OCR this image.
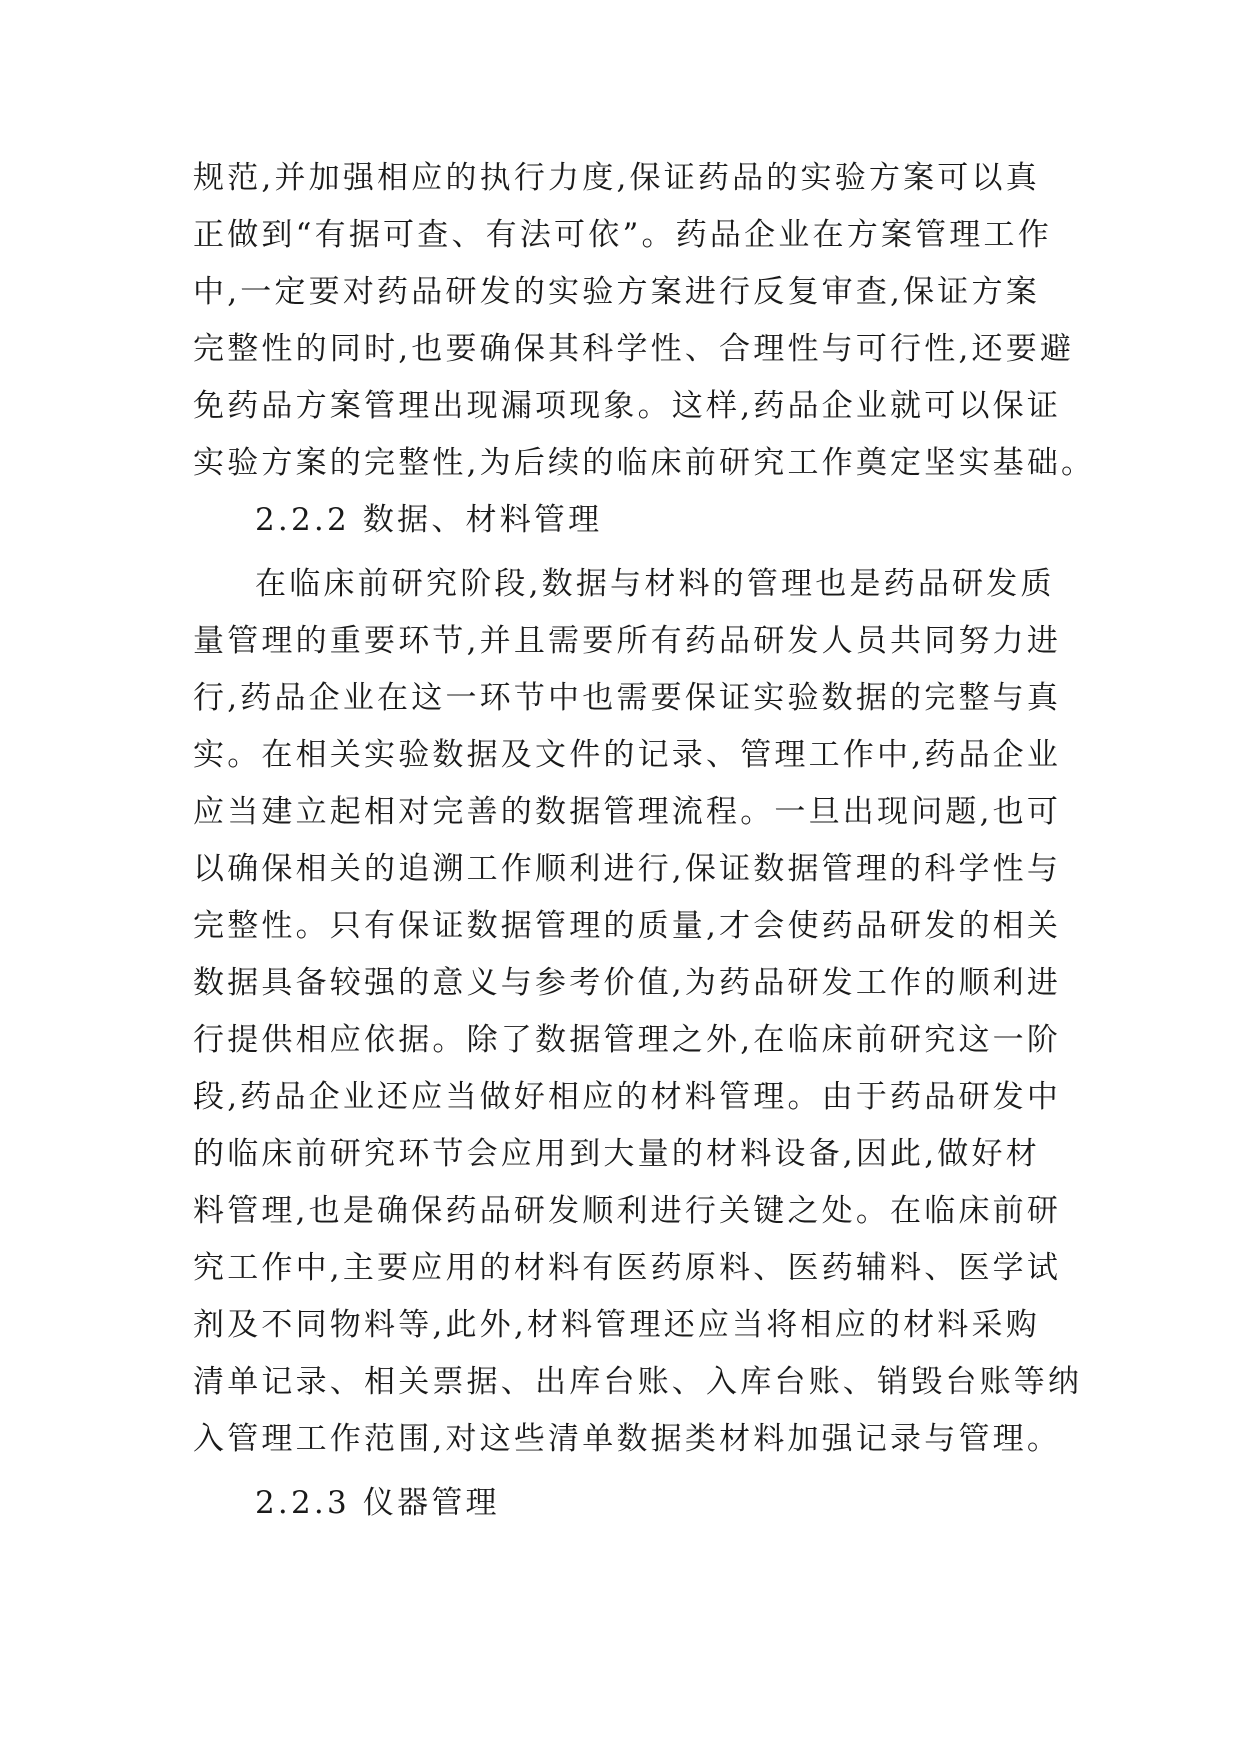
规范,并加强相应的执行力度,保证药品的实验方案可以真
正做到“有据可查、有法可依”。药品企业在方案管理工作
中,一定要对药品研发的实验方案进行反复审查,保证方案
完整性的同时,也要确保其科学性、合理性与可行性,还要避
免药品方案管理出现漏项现象。这样,药品企业就可以保证
实验方案的完整性,为后续的临床前研究工作奠定坚实基础。
2.2.2 数据、材料管理
在临床前研究阶段,数据与材料的管理也是药品研发质
量管理的重要环节,并且需要所有药品研发人员共同努力进
行,药品企业在这一环节中也需要保证实验数据的完整与真
实。在相关实验数据及文件的记录、管理工作中,药品企业
应当建立起相对完善的数据管理流程。一旦出现问题,也可
以确保相关的追溯工作顺利进行,保证数据管理的科学性与
完整性。只有保证数据管理的质量,才会使药品研发的相关
数据具备较强的意义与参考价值,为药品研发工作的顺利进
行提供相应依据。除了数据管理之外,在临床前研究这一阶
段,药品企业还应当做好相应的材料管理。由于药品研发中
的临床前研究环节会应用到大量的材料设备,因此,做好材
料管理,也是确保药品研发顺利进行关键之处。在临床前研
究工作中,主要应用的材料有医药原料、医药辅料、医学试
剂及不同物料等,此外,材料管理还应当将相应的材料采购
清单记录、相关票据、出库台账、入库台账、销毁台账等纳
入管理工作范围,对这些清单数据类材料加强记录与管理。
2.2.3 仪器管理
